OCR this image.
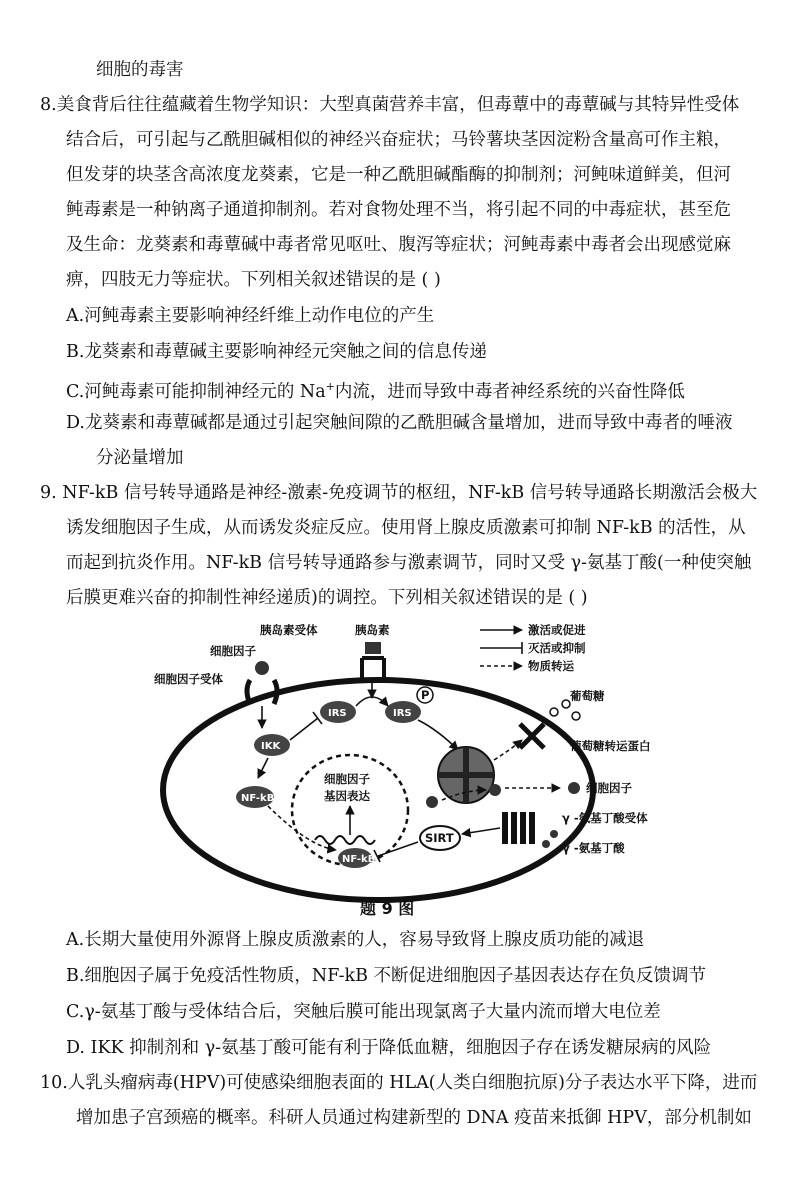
细胞的毒害
8.美食背后往往蕴藏着生物学知识：大型真菌营养丰富，但毒蕈中的毒蕈碱与其特异性受体
结合后，可引起与乙酰胆碱相似的神经兴奋症状；马铃薯块茎因淀粉含量高可作主粮，
但发芽的块茎含高浓度龙葵素，它是一种乙酰胆碱酯酶的抑制剂；河鲀味道鲜美，但河
鲀毒素是一种钠离子通道抑制剂。若对食物处理不当，将引起不同的中毒症状，甚至危
及生命：龙葵素和毒蕈碱中毒者常见呕吐、腹泻等症状；河鲀毒素中毒者会出现感觉麻
痹，四肢无力等症状。下列相关叙述错误的是 ( )
A.河鲀毒素主要影响神经纤维上动作电位的产生
B.龙葵素和毒蕈碱主要影响神经元突触之间的信息传递
C.河鲀毒素可能抑制神经元的 Na+内流，进而导致中毒者神经系统的兴奋性降低
D.龙葵素和毒蕈碱都是通过引起突触间隙的乙酰胆碱含量增加，进而导致中毒者的唾液
分泌量增加
9. NF-kB 信号转导通路是神经-激素-免疫调节的枢纽，NF-kB 信号转导通路长期激活会极大
诱发细胞因子生成，从而诱发炎症反应。使用肾上腺皮质激素可抑制 NF-kB 的活性，从
而起到抗炎作用。NF-kB 信号转导通路参与激素调节，同时又受 γ-氨基丁酸(一种使突触
后膜更难兴奋的抑制性神经递质)的调控。下列相关叙述错误的是 ( )
激活或促进
灭活或抑制
物质转运
细胞因子
基因表达
NF-kB
细胞因子
细胞因子受体
IKK
NF-kB
胰岛素受体	胰岛素
IRS	IRS
P	葡萄糖
葡萄糖转运蛋白
细胞因子
SIRT
γ -氨基丁酸受体
γ -氨基丁酸
题 9 图
A.长期大量使用外源肾上腺皮质激素的人，容易导致肾上腺皮质功能的减退
B.细胞因子属于免疫活性物质，NF-kB 不断促进细胞因子基因表达存在负反馈调节
C.γ-氨基丁酸与受体结合后，突触后膜可能出现氯离子大量内流而增大电位差
D. IKK 抑制剂和 γ-氨基丁酸可能有利于降低血糖，细胞因子存在诱发糖尿病的风险
10.人乳头瘤病毒(HPV)可使感染细胞表面的 HLA(人类白细胞抗原)分子表达水平下降，进而
增加患子宫颈癌的概率。科研人员通过构建新型的 DNA 疫苗来抵御 HPV，部分机制如
